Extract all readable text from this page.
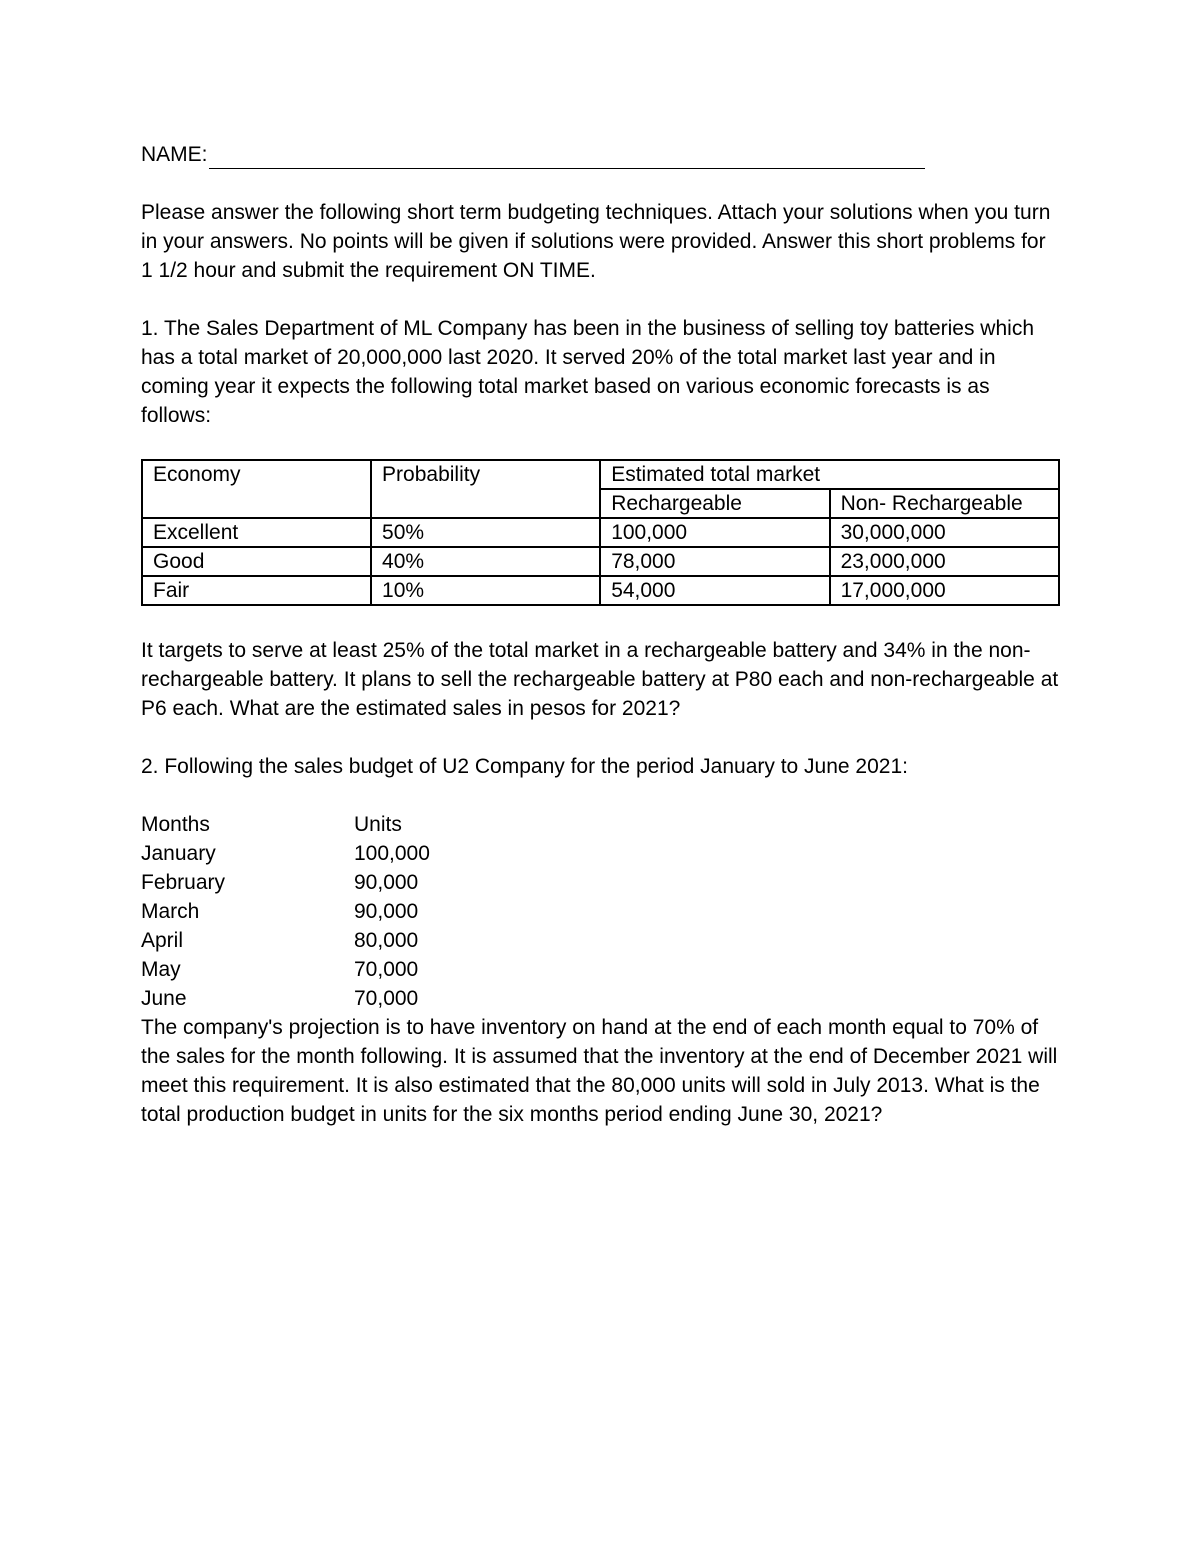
NAME:

Please answer the following short term budgeting techniques. Attach your solutions when you turn in your answers. No points will be given if solutions were provided. Answer this short problems for 1 1/2 hour and submit the requirement ON TIME.

1. The Sales Department of ML Company has been in the business of selling toy batteries which has a total market of 20,000,000 last 2020. It served 20% of the total market last year and in coming year it expects the following total market based on various economic forecasts is as follows:

Economy	Probability	Estimated total market	
		Rechargeable	Non- Rechargeable
Excellent	50%	100,000	30,000,000
Good	40%	78,000	23,000,000
Fair	10%	54,000	17,000,000

It targets to serve at least 25% of the total market in a rechargeable battery and 34% in the non-rechargeable battery. It plans to sell the rechargeable battery at P80 each and non-rechargeable at P6 each. What are the estimated sales in pesos for 2021?

2. Following the sales budget of U2 Company for the period January to June 2021:

Months	Units
January	100,000
February	90,000
March	90,000
April	80,000
May	70,000
June	70,000

The company's projection is to have inventory on hand at the end of each month equal to 70% of the sales for the month following. It is assumed that the inventory at the end of December 2021 will meet this requirement. It is also estimated that the 80,000 units will sold in July 2013. What is the total production budget in units for the six months period ending June 30, 2021?
